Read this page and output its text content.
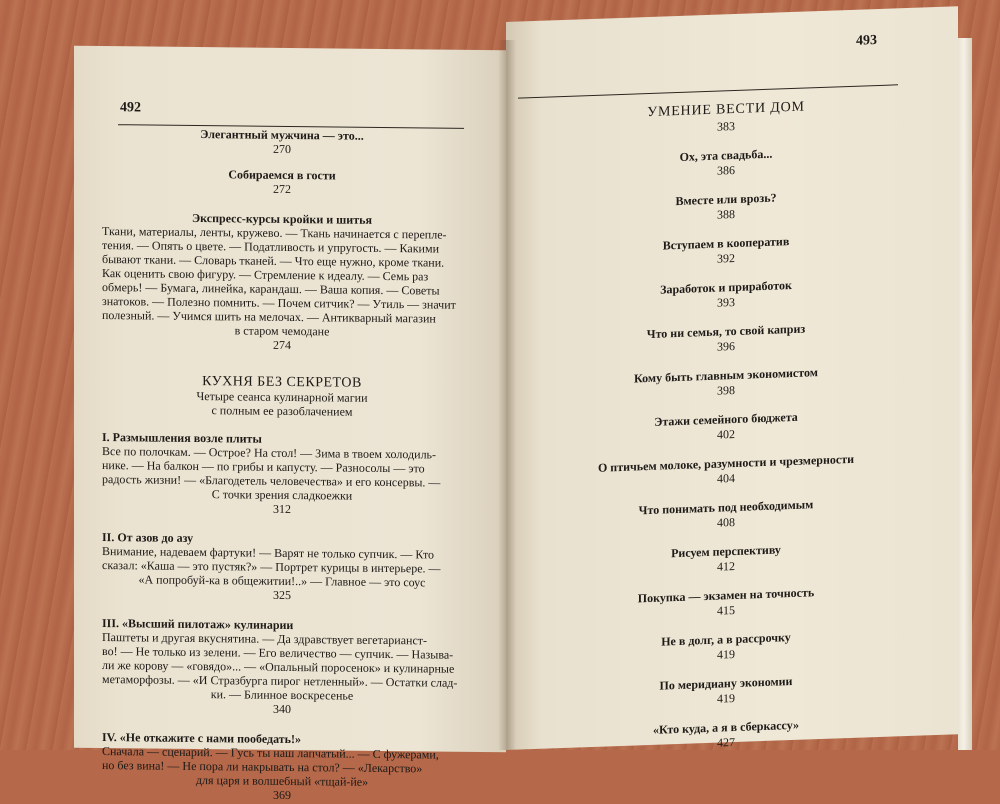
492
Элегантный мужчина — это...
270
Собираемся в гости
272
Экспресс-курсы кройки и шитья
Ткани, материалы, ленты, кружево. — Ткань начинается с перепле-
тения. — Опять о цвете. — Податливость и упругость. — Какими
бывают ткани. — Словарь тканей. — Что еще нужно, кроме ткани.
Как оценить свою фигуру. — Стремление к идеалу. — Семь раз
обмерь! — Бумага, линейка, карандаш. — Ваша копия. — Советы
знатоков. — Полезно помнить. — Почем ситчик? — Утиль — значит
полезный. — Учимся шить на мелочах. — Антикварный магазин
в старом чемодане
274
КУХНЯ БЕЗ СЕКРЕТОВ
Четыре сеанса кулинарной магии
с полным ее разоблачением
I. Размышления возле плиты
Все по полочкам. — Острое? На стол! — Зима в твоем холодиль-
нике. — На балкон — по грибы и капусту. — Разносолы — это
радость жизни! — «Благодетель человечества» и его консервы. —
С точки зрения сладкоежки
312
II. От азов до азу
Внимание, надеваем фартуки! — Варят не только супчик. — Кто
сказал: «Каша — это пустяк?» — Портрет курицы в интерьере. —
«А попробуй-ка в общежитии!..» — Главное — это соус
325
III. «Высший пилотаж» кулинарии
Паштеты и другая вкуснятина. — Да здравствует вегетарианст-
во! — Не только из зелени. — Его величество — супчик. — Называ-
ли же корову — «говядо»... — «Опальный поросенок» и кулинарные
метаморфозы. — «И Стразбурга пирог нетленный». — Остатки слад-
ки. — Блинное воскресенье
340
IV. «Не откажите с нами пообедать!»
Сначала — сценарий. — Гусь ты наш лапчатый... — С фужерами,
но без вина! — Не пора ли накрывать на стол? — «Лекарство»
для царя и волшебный «тщай-йе»
369
493
УМЕНИЕ ВЕСТИ ДОМ
383
Ох, эта свадьба...
386
Вместе или врозь?
388
Вступаем в кооператив
392
Заработок и приработок
393
Что ни семья, то свой каприз
396
Кому быть главным экономистом
398
Этажи семейного бюджета
402
О птичьем молоке, разумности и чрезмерности
404
Что понимать под необходимым
408
Рисуем перспективу
412
Покупка — экзамен на точность
415
Не в долг, а в рассрочку
419
По меридиану экономии
419
«Кто куда, а я в сберкассу»
427
